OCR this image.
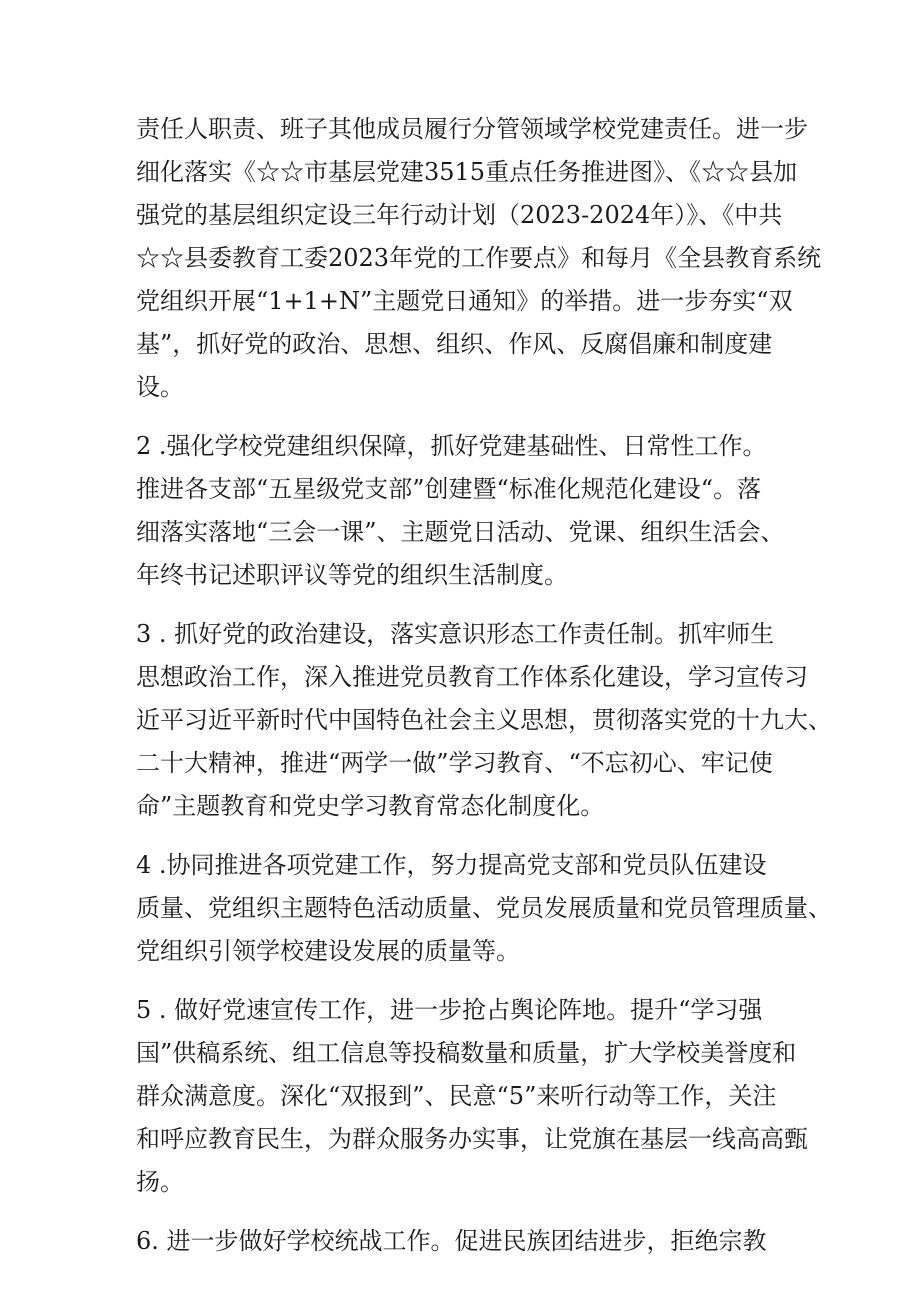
责任人职责、班子其他成员履行分管领域学校党建责任。进一步
细化落实《☆☆市基层党建3515重点任务推进图》、《☆☆县加
强党的基层组织定设三年行动计划（2023-2024年）》、《中共
☆☆县委教育工委2023年党的工作要点》和每月《全县教育系统
党组织开展“1+1+N”主题党日通知》的举措。进一步夯实“双
基”，抓好党的政治、思想、组织、作风、反腐倡廉和制度建
设。

2 .强化学校党建组织保障，抓好党建基础性、日常性工作。
推进各支部“五星级党支部”创建暨“标准化规范化建设“。落
细落实落地“三会一课”、主题党日活动、党课、组织生活会、
年终书记述职评议等党的组织生活制度。

3 . 抓好党的政治建设，落实意识形态工作责任制。抓牢师生
思想政治工作，深入推进党员教育工作体系化建设，学习宣传习
近平习近平新时代中国特色社会主义思想，贯彻落实党的十九大、
二十大精神，推进“两学一做”学习教育、“不忘初心、牢记使
命”主题教育和党史学习教育常态化制度化。

4 .协同推进各项党建工作，努力提高党支部和党员队伍建设
质量、党组织主题特色活动质量、党员发展质量和党员管理质量、
党组织引领学校建设发展的质量等。

5 . 做好党速宣传工作，进一步抢占舆论阵地。提升“学习强
国”供稿系统、组工信息等投稿数量和质量，扩大学校美誉度和
群众满意度。深化“双报到”、民意“5”来听行动等工作，关注
和呼应教育民生，为群众服务办实事，让党旗在基层一线高高甄
扬。

6. 进一步做好学校统战工作。促进民族团结进步，拒绝宗教
